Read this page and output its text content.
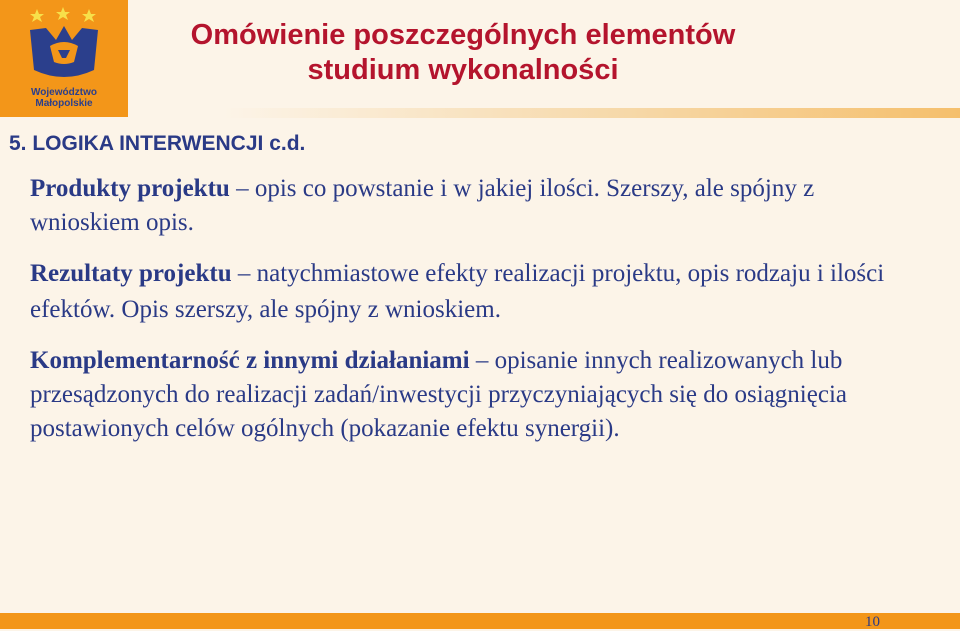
Województwo
Małopolskie
Omówienie poszczególnych elementów
studium wykonalności
5. LOGIKA INTERWENCJI c.d.

Produkty projektu – opis co powstanie i w jakiej ilości. Szerszy, ale spójny z wnioskiem opis.

Rezultaty projektu – natychmiastowe efekty realizacji projektu, opis rodzaju i ilości efektów. Opis szerszy, ale spójny z wnioskiem.

Komplementarność z innymi działaniami – opisanie innych realizowanych lub przesądzonych do realizacji zadań/inwestycji przyczyniających się do osiągnięcia postawionych celów ogólnych (pokazanie efektu synergii).

10
